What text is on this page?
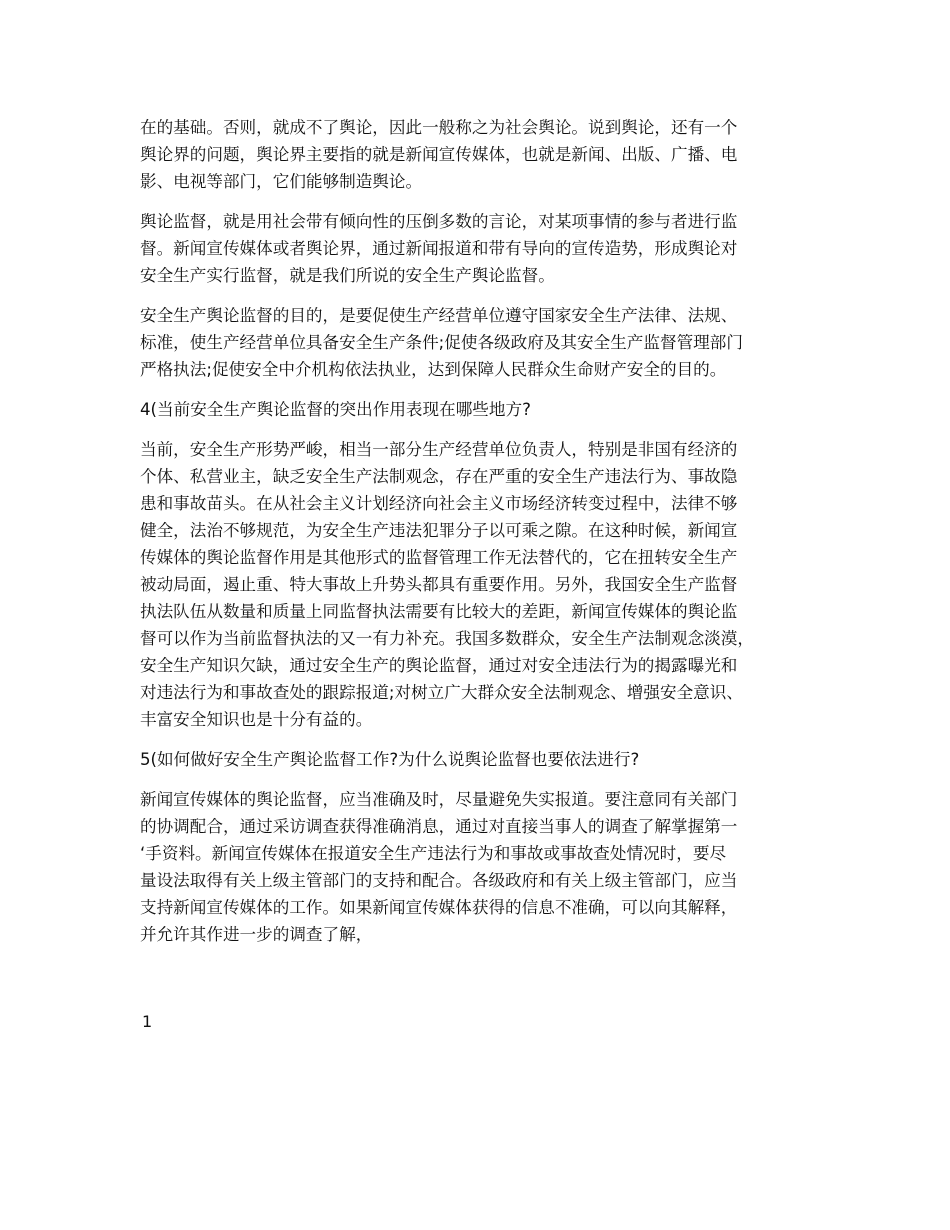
在的基础。否则，就成不了舆论，因此一般称之为社会舆论。说到舆论，还有一个
舆论界的问题，舆论界主要指的就是新闻宣传媒体，也就是新闻、出版、广播、电
影、电视等部门，它们能够制造舆论。

舆论监督，就是用社会带有倾向性的压倒多数的言论，对某项事情的参与者进行监
督。新闻宣传媒体或者舆论界，通过新闻报道和带有导向的宣传造势，形成舆论对
安全生产实行监督，就是我们所说的安全生产舆论监督。

安全生产舆论监督的目的，是要促使生产经营单位遵守国家安全生产法律、法规、
标准，使生产经营单位具备安全生产条件;促使各级政府及其安全生产监督管理部门
严格执法;促使安全中介机构依法执业，达到保障人民群众生命财产安全的目的。

4(当前安全生产舆论监督的突出作用表现在哪些地方?

当前，安全生产形势严峻，相当一部分生产经营单位负责人，特别是非国有经济的
个体、私营业主，缺乏安全生产法制观念，存在严重的安全生产违法行为、事故隐
患和事故苗头。在从社会主义计划经济向社会主义市场经济转变过程中，法律不够
健全，法治不够规范，为安全生产违法犯罪分子以可乘之隙。在这种时候，新闻宣
传媒体的舆论监督作用是其他形式的监督管理工作无法替代的，它在扭转安全生产
被动局面，遏止重、特大事故上升势头都具有重要作用。另外，我国安全生产监督
执法队伍从数量和质量上同监督执法需要有比较大的差距，新闻宣传媒体的舆论监
督可以作为当前监督执法的又一有力补充。我国多数群众，安全生产法制观念淡漠，
安全生产知识欠缺，通过安全生产的舆论监督，通过对安全违法行为的揭露曝光和
对违法行为和事故查处的跟踪报道;对树立广大群众安全法制观念、增强安全意识、
丰富安全知识也是十分有益的。

5(如何做好安全生产舆论监督工作?为什么说舆论监督也要依法进行?

新闻宣传媒体的舆论监督，应当准确及时，尽量避免失实报道。要注意同有关部门
的协调配合，通过采访调查获得准确消息，通过对直接当事人的调查了解掌握第一
‘手资料。新闻宣传媒体在报道安全生产违法行为和事故或事故查处情况时，要尽
量设法取得有关上级主管部门的支持和配合。各级政府和有关上级主管部门，应当
支持新闻宣传媒体的工作。如果新闻宣传媒体获得的信息不准确，可以向其解释，
并允许其作进一步的调查了解，

1
